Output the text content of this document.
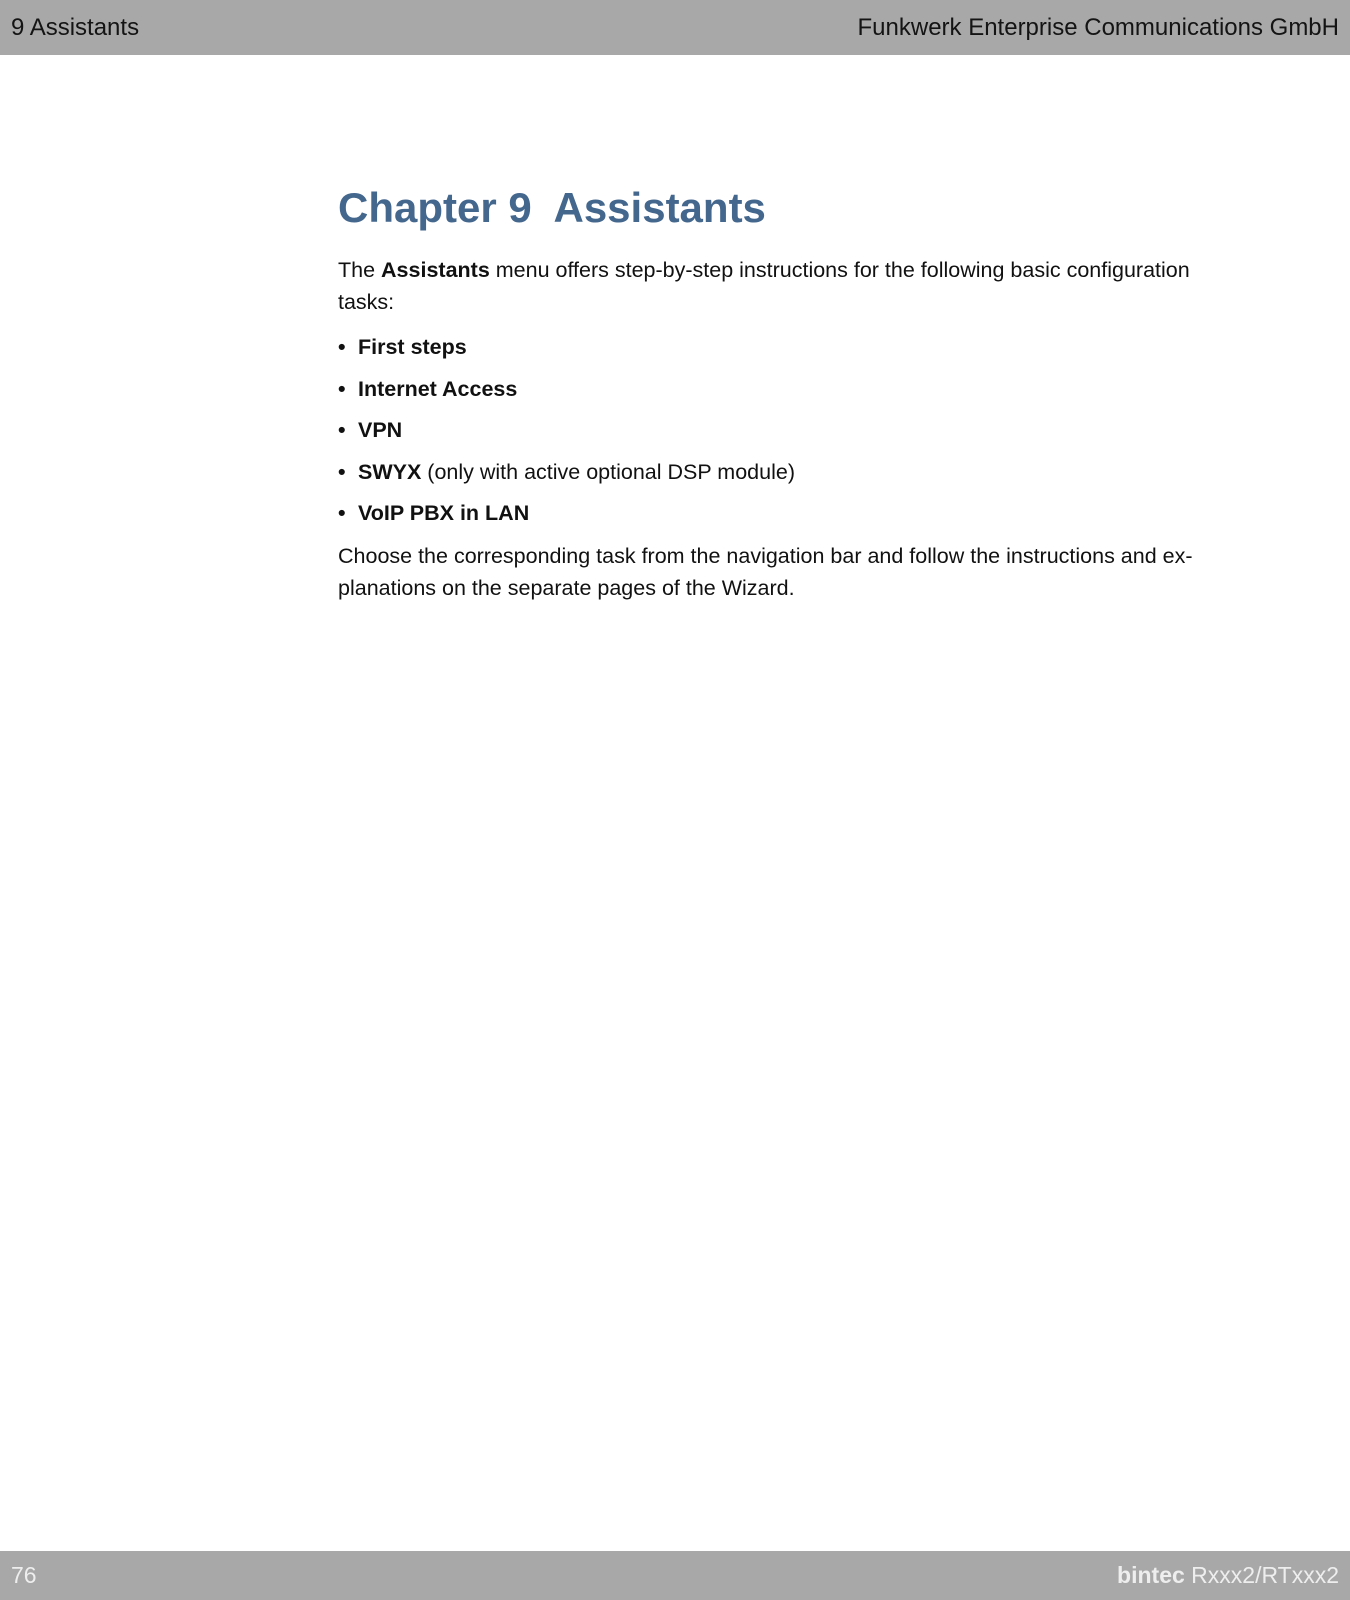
9 Assistants	Funkwerk Enterprise Communications GmbH
Chapter 9  Assistants

The Assistants menu offers step-by-step instructions for the following basic configuration tasks:

• First steps
• Internet Access
• VPN
• SWYX (only with active optional DSP module)
• VoIP PBX in LAN

Choose the corresponding task from the navigation bar and follow the instructions and ex-planations on the separate pages of the Wizard.

76	bintec Rxxx2/RTxxx2
